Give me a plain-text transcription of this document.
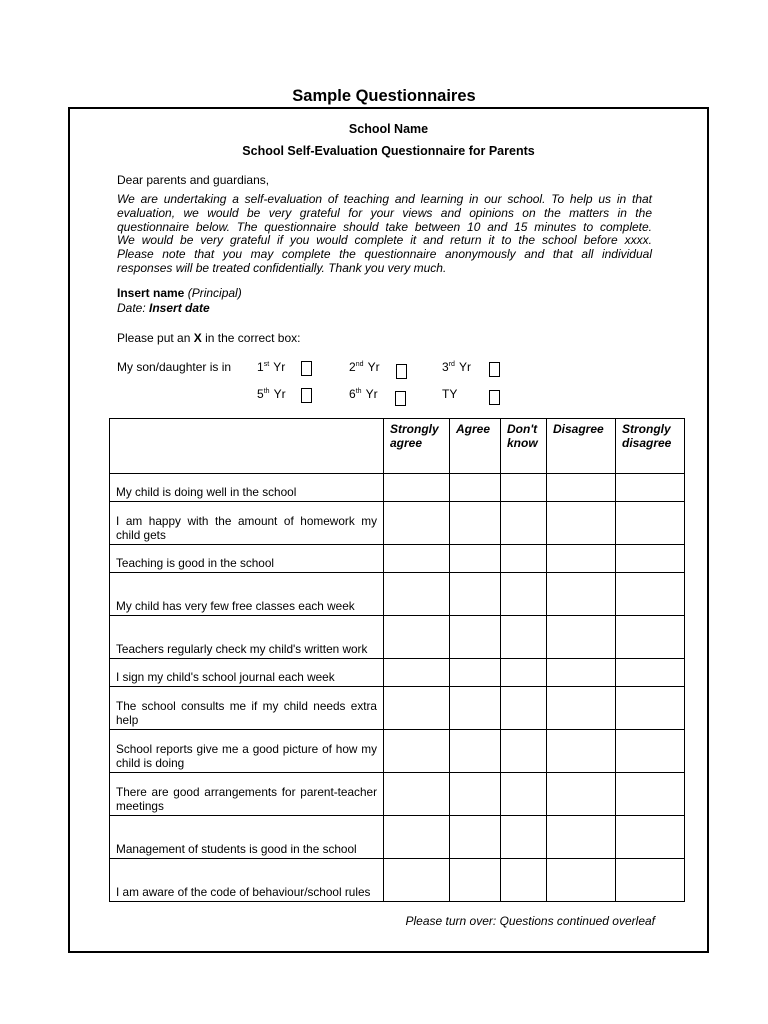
Sample Questionnaires
School Name
School Self-Evaluation Questionnaire for Parents
Dear parents and guardians,
We are undertaking a self-evaluation of teaching and learning in our school. To help us in that
evaluation, we would be very grateful for your views and opinions on the matters in the
questionnaire below. The questionnaire should take between 10 and 15 minutes to complete.
We would be very grateful if you would complete it and return it to the school before xxxx.
Please note that you may complete the questionnaire anonymously and that all individual
responses will be treated confidentially. Thank you very much.
Insert name (Principal)
Date: Insert date
Please put an X in the correct box:
My son/daughter is in 1st Yr	2nd Yr	3rd Yr
5th Yr	6th Yr	TY
	Strongly agree	Agree	Don't know	Disagree	Strongly disagree

My child is doing well in the school					

I am happy with the amount of homework my child gets					

Teaching is good in the school					

My child has very few free classes each week					

Teachers regularly check my child's written work					

I sign my child's school journal each week					

The school consults me if my child needs extra help					

School reports give me a good picture of how my child is doing					

There are good arrangements for parent-teacher meetings					

Management of students is good in the school					

I am aware of the code of behaviour/school rules					

Please turn over: Questions continued overleaf
